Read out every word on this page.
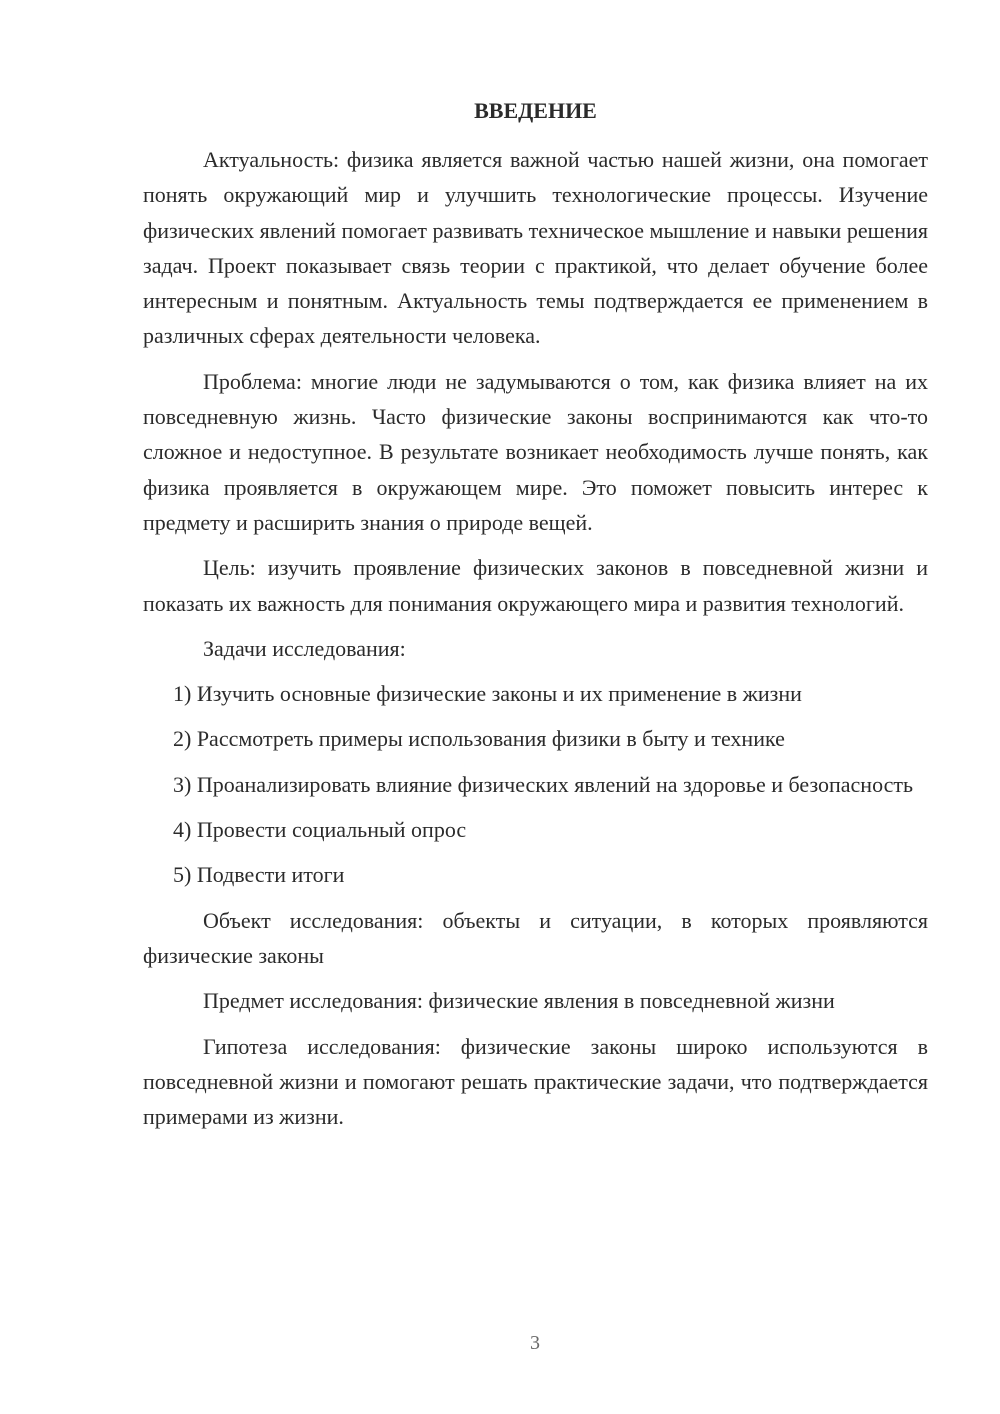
ВВЕДЕНИЕ

Актуальность: физика является важной частью нашей жизни, она помогает понять окружающий мир и улучшить технологические процессы. Изучение физических явлений помогает развивать техническое мышление и навыки решения задач. Проект показывает связь теории с практикой, что делает обучение более интересным и понятным. Актуальность темы подтверждается ее применением в различных сферах деятельности человека.

Проблема: многие люди не задумываются о том, как физика влияет на их повседневную жизнь. Часто физические законы воспринимаются как что-то сложное и недоступное. В результате возникает необходимость лучше понять, как физика проявляется в окружающем мире. Это поможет повысить интерес к предмету и расширить знания о природе вещей.

Цель: изучить проявление физических законов в повседневной жизни и показать их важность для понимания окружающего мира и развития технологий.

Задачи исследования:

1) Изучить основные физические законы и их применение в жизни

2) Рассмотреть примеры использования физики в быту и технике

3) Проанализировать влияние физических явлений на здоровье и безопасность

4) Провести социальный опрос

5) Подвести итоги

Объект исследования: объекты и ситуации, в которых проявляются физические законы

Предмет исследования: физические явления в повседневной жизни

Гипотеза исследования: физические законы широко используются в повседневной жизни и помогают решать практические задачи, что подтверждается примерами из жизни.

3
